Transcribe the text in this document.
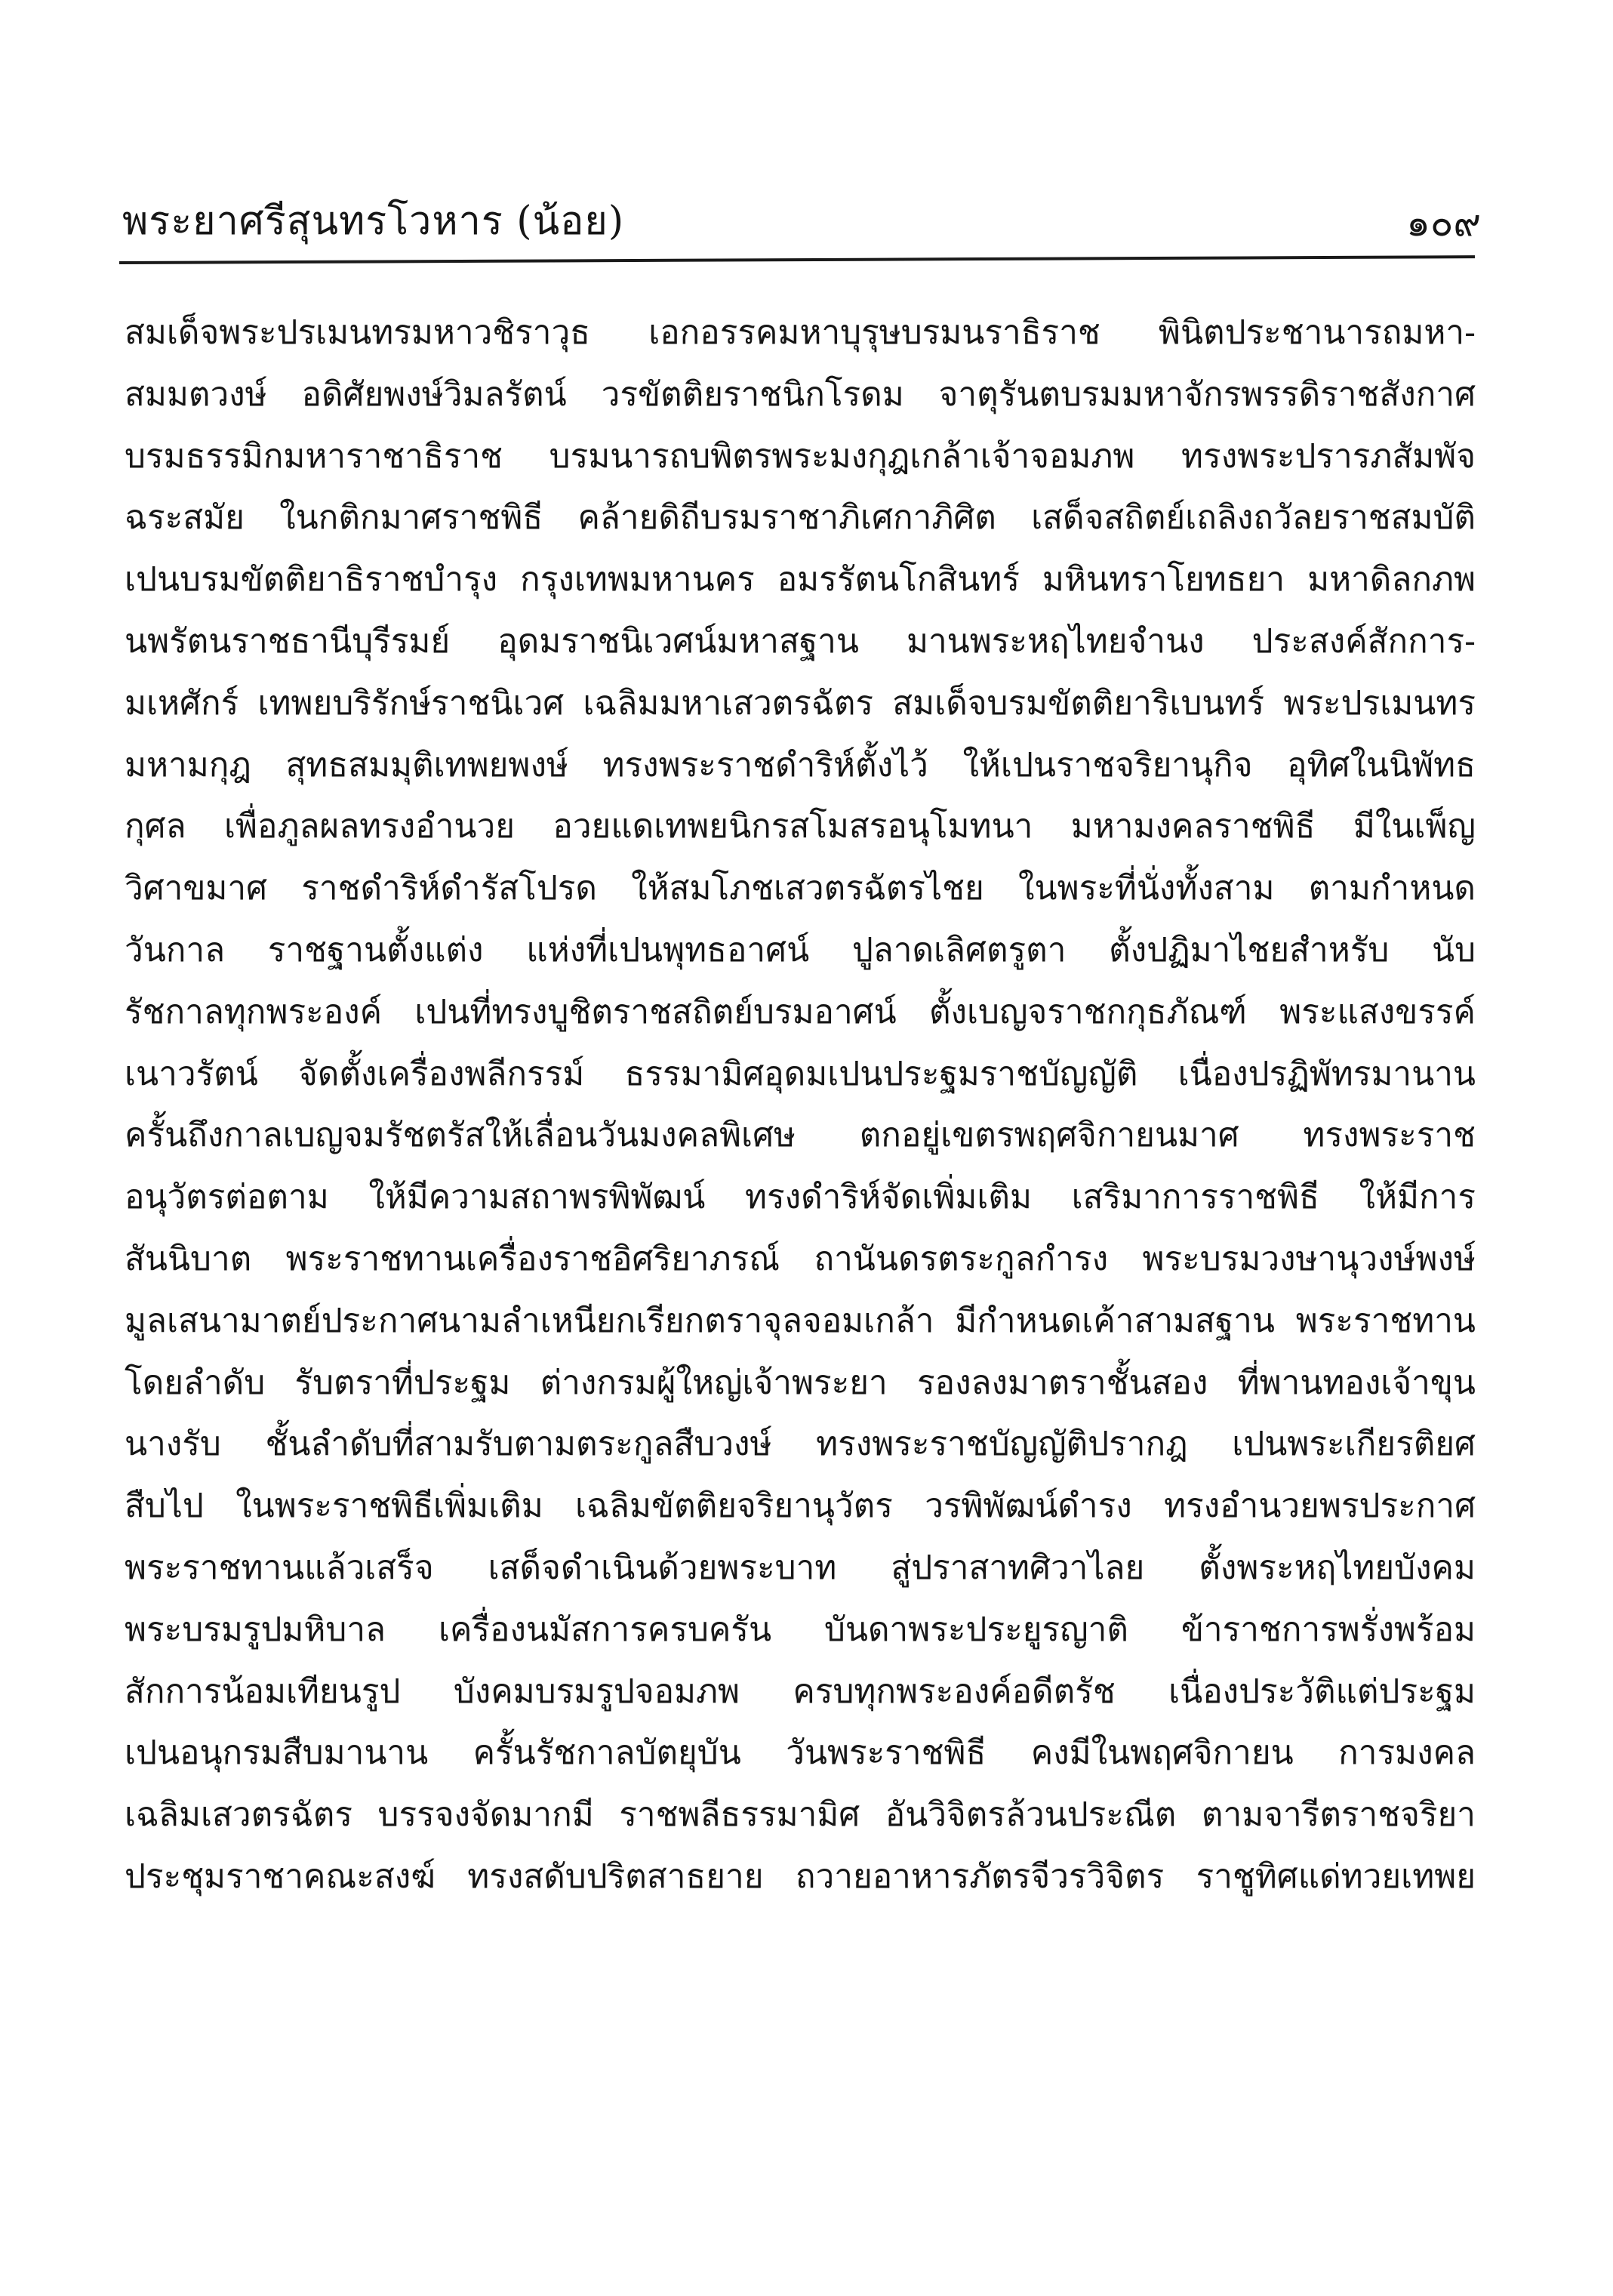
พระยาศรีสุนทรโวหาร (น้อย)	๑๐๙
สมเด็จพระปรเมนทรมหาวชิราวุธ เอกอรรคมหาบุรุษบรมนราธิราช พินิตประชานารถมหา-
สมมตวงษ์ อดิศัยพงษ์วิมลรัตน์ วรขัตติยราชนิกโรดม จาตุรันตบรมมหาจักรพรรดิราชสังกาศ
บรมธรรมิกมหาราชาธิราช บรมนารถบพิตรพระมงกุฎเกล้าเจ้าจอมภพ ทรงพระปรารภสัมพัจ
ฉระสมัย ในกติกมาศราชพิธี คล้ายดิถีบรมราชาภิเศกาภิศิต เสด็จสถิตย์เถลิงถวัลยราชสมบัติ
เปนบรมขัตติยาธิราชบำรุง กรุงเทพมหานคร อมรรัตนโกสินทร์ มหินทราโยทธยา มหาดิลกภพ
นพรัตนราชธานีบุรีรมย์ อุดมราชนิเวศน์มหาสฐาน มานพระหฤไทยจำนง ประสงค์สักการ-
มเหศักร์ เทพยบริรักษ์ราชนิเวศ เฉลิมมหาเสวตรฉัตร สมเด็จบรมขัตติยาริเบนทร์ พระปรเมนทร
มหามกุฎ สุทธสมมุติเทพยพงษ์ ทรงพระราชดำริห์ตั้งไว้ ให้เปนราชจริยานุกิจ อุทิศในนิพัทธ
กุศล เพื่อภูลผลทรงอำนวย อวยแดเทพยนิกรสโมสรอนุโมทนา มหามงคลราชพิธี มีในเพ็ญ
วิศาขมาศ ราชดำริห์ดำรัสโปรด ให้สมโภชเสวตรฉัตรไชย ในพระที่นั่งทั้งสาม ตามกำหนด
วันกาล ราชฐานตั้งแต่ง แห่งที่เปนพุทธอาศน์ ปูลาดเลิศตรูตา ตั้งปฏิมาไชยสำหรับ นับ
รัชกาลทุกพระองค์ เปนที่ทรงบูชิตราชสถิตย์บรมอาศน์ ตั้งเบญจราชกกุธภัณฑ์ พระแสงขรรค์
เนาวรัตน์ จัดตั้งเครื่องพลีกรรม์ ธรรมามิศอุดมเปนประฐมราชบัญญัติ เนื่องปรฏิพัทรมานาน
ครั้นถึงกาลเบญจมรัชตรัสให้เลื่อนวันมงคลพิเศษ ตกอยู่เขตรพฤศจิกายนมาศ ทรงพระราช
อนุวัตรต่อตาม ให้มีความสถาพรพิพัฒน์ ทรงดำริห์จัดเพิ่มเติม เสริมาการราชพิธี ให้มีการ
สันนิบาต พระราชทานเครื่องราชอิศริยาภรณ์ ถานันดรตระกูลกำรง พระบรมวงษานุวงษ์พงษ์
มูลเสนามาตย์ประกาศนามลำเหนียกเรียกตราจุลจอมเกล้า มีกำหนดเค้าสามสฐาน พระราชทาน
โดยลำดับ รับตราที่ประฐม ต่างกรมผู้ใหญ่เจ้าพระยา รองลงมาตราชั้นสอง ที่พานทองเจ้าขุน
นางรับ ชั้นลำดับที่สามรับตามตระกูลสืบวงษ์ ทรงพระราชบัญญัติปรากฎ เปนพระเกียรติยศ
สืบไป ในพระราชพิธีเพิ่มเติม เฉลิมขัตติยจริยานุวัตร วรพิพัฒน์ดำรง ทรงอำนวยพรประกาศ
พระราชทานแล้วเสร็จ เสด็จดำเนินด้วยพระบาท สู่ปราสาทศิวาไลย ตั้งพระหฤไทยบังคม
พระบรมรูปมหิบาล เครื่องนมัสการครบครัน บันดาพระประยูรญาติ ข้าราชการพรั่งพร้อม
สักการน้อมเทียนรูป บังคมบรมรูปจอมภพ ครบทุกพระองค์อดีตรัช เนื่องประวัติแต่ประฐม
เปนอนุกรมสืบมานาน ครั้นรัชกาลบัตยุบัน วันพระราชพิธี คงมีในพฤศจิกายน การมงคล
เฉลิมเสวตรฉัตร บรรจงจัดมากมี ราชพลีธรรมามิศ อันวิจิตรล้วนประณีต ตามจารีตราชจริยา
ประชุมราชาคณะสงฆ์ ทรงสดับปริตสาธยาย ถวายอาหารภัตรจีวรวิจิตร ราชูทิศแด่ทวยเทพย
